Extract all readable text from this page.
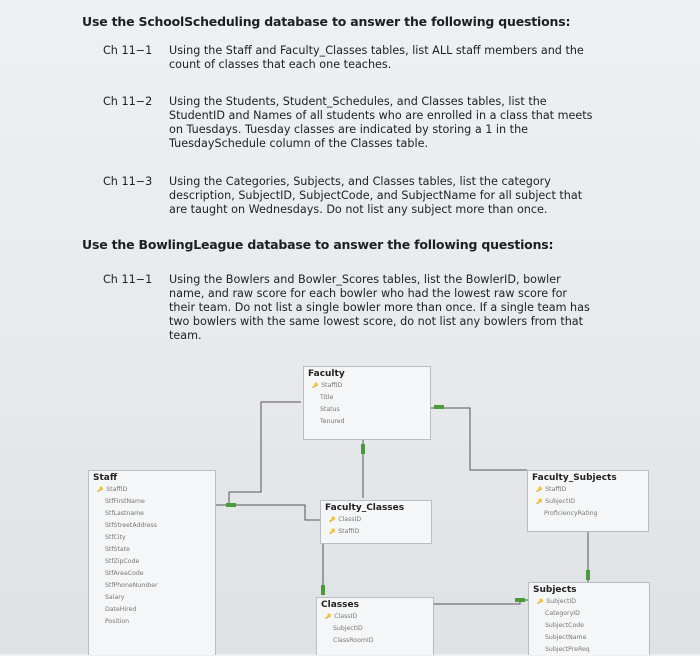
Use the SchoolScheduling database to answer the following questions:
Ch 11−1 Using the Staff and Faculty_Classes tables, list ALL staff members and the count of classes that each one teaches.
Ch 11−2 Using the Students, Student_Schedules, and Classes tables, list the StudentID and Names of all students who are enrolled in a class that meets on Tuesdays. Tuesday classes are indicated by storing a 1 in the TuesdaySchedule column of the Classes table.
Ch 11−3 Using the Categories, Subjects, and Classes tables, list the category description, SubjectID, SubjectCode, and SubjectName for all subject that are taught on Wednesdays. Do not list any subject more than once.
Use the BowlingLeague database to answer the following questions:
Ch 11−1 Using the Bowlers and Bowler_Scores tables, list the BowlerID, bowler name, and raw score for each bowler who had the lowest raw score for their team. Do not list a single bowler more than once. If a single team has two bowlers with the same lowest score, do not list any bowlers from that team.
Faculty
🔑 StaffID
Title
Status
Tenured
Staff
🔑 StaffID
StfFirstName
StfLastname
StfStreetAddress
StfCity
StfState
StfZipCode
StfAreaCode
StfPhoneNumber
Salary
DateHired
Position
Faculty_Classes
🔑 ClassID
🔑 StaffID
Faculty_Subjects
🔑 StaffID
🔑 SubjectID
ProficiencyRating
Classes
🔑 ClassID
SubjectID
ClassRoomID
Subjects
🔑 SubjectID
CategoryID
SubjectCode
SubjectName
SubjectPreReq
